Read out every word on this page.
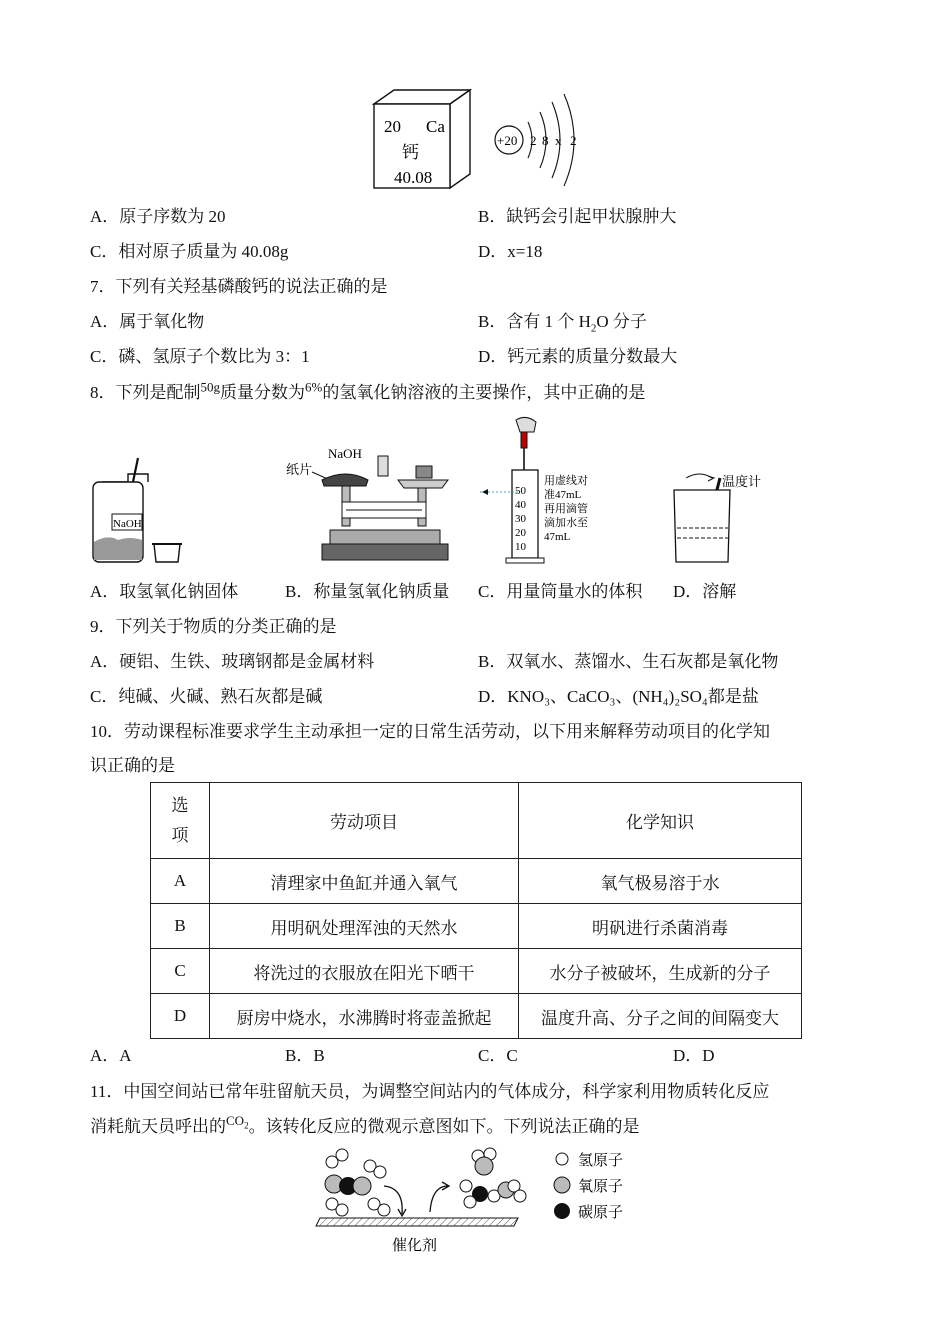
20 Ca
钙
40.08
+20 2 8 x 2
A．原子序数为 20	B．缺钙会引起甲状腺肿大
C．相对原子质量为 40.08g	D．x=18
7．下列有关羟基磷酸钙的说法正确的是
A．属于氧化物	B．含有 1 个 $H_2O$ 分子
C．磷、氢原子个数比为 3：1	D．钙元素的质量分数最大
8．下列是配制$^{50g}$质量分数为$^{6\%}$的氢氧化钠溶液的主要操作，其中正确的是
NaOH
NaOH
纸片
50
40
30
20
10
用虚线对
准47mL
再用滴管
滴加水至
47mL
温度计
A．取氢氧化钠固体	B．称量氢氧化钠质量 C．用量筒量水的体积 D．溶解
9．下列关于物质的分类正确的是
A．硬铝、生铁、玻璃钢都是金属材料	B．双氧水、蒸馏水、生石灰都是氧化物
C．纯碱、火碱、熟石灰都是碱	D．KNO₃、CaCO₃、(NH₄)₂SO₄都是盐
10．劳动课程标准要求学生主动承担一定的日常生活劳动，以下用来解释劳动项目的化学知
识正确的是
选项	劳动项目	化学知识
A	清理家中鱼缸并通入氧气	氧气极易溶于水
B	用明矾处理浑浊的天然水	明矾进行杀菌消毒
C	将洗过的衣服放在阳光下晒干	水分子被破坏，生成新的分子
D	厨房中烧水，水沸腾时将壶盖掀起	温度升高、分子之间的间隔变大
A．A	B．B	C．C	D．D
11．中国空间站已常年驻留航天员，为调整空间站内的气体成分，科学家利用物质转化反应
消耗航天员呼出的$^{CO_2}$。该转化反应的微观示意图如下。下列说法正确的是
催化剂
氢原子
氧原子
碳原子
